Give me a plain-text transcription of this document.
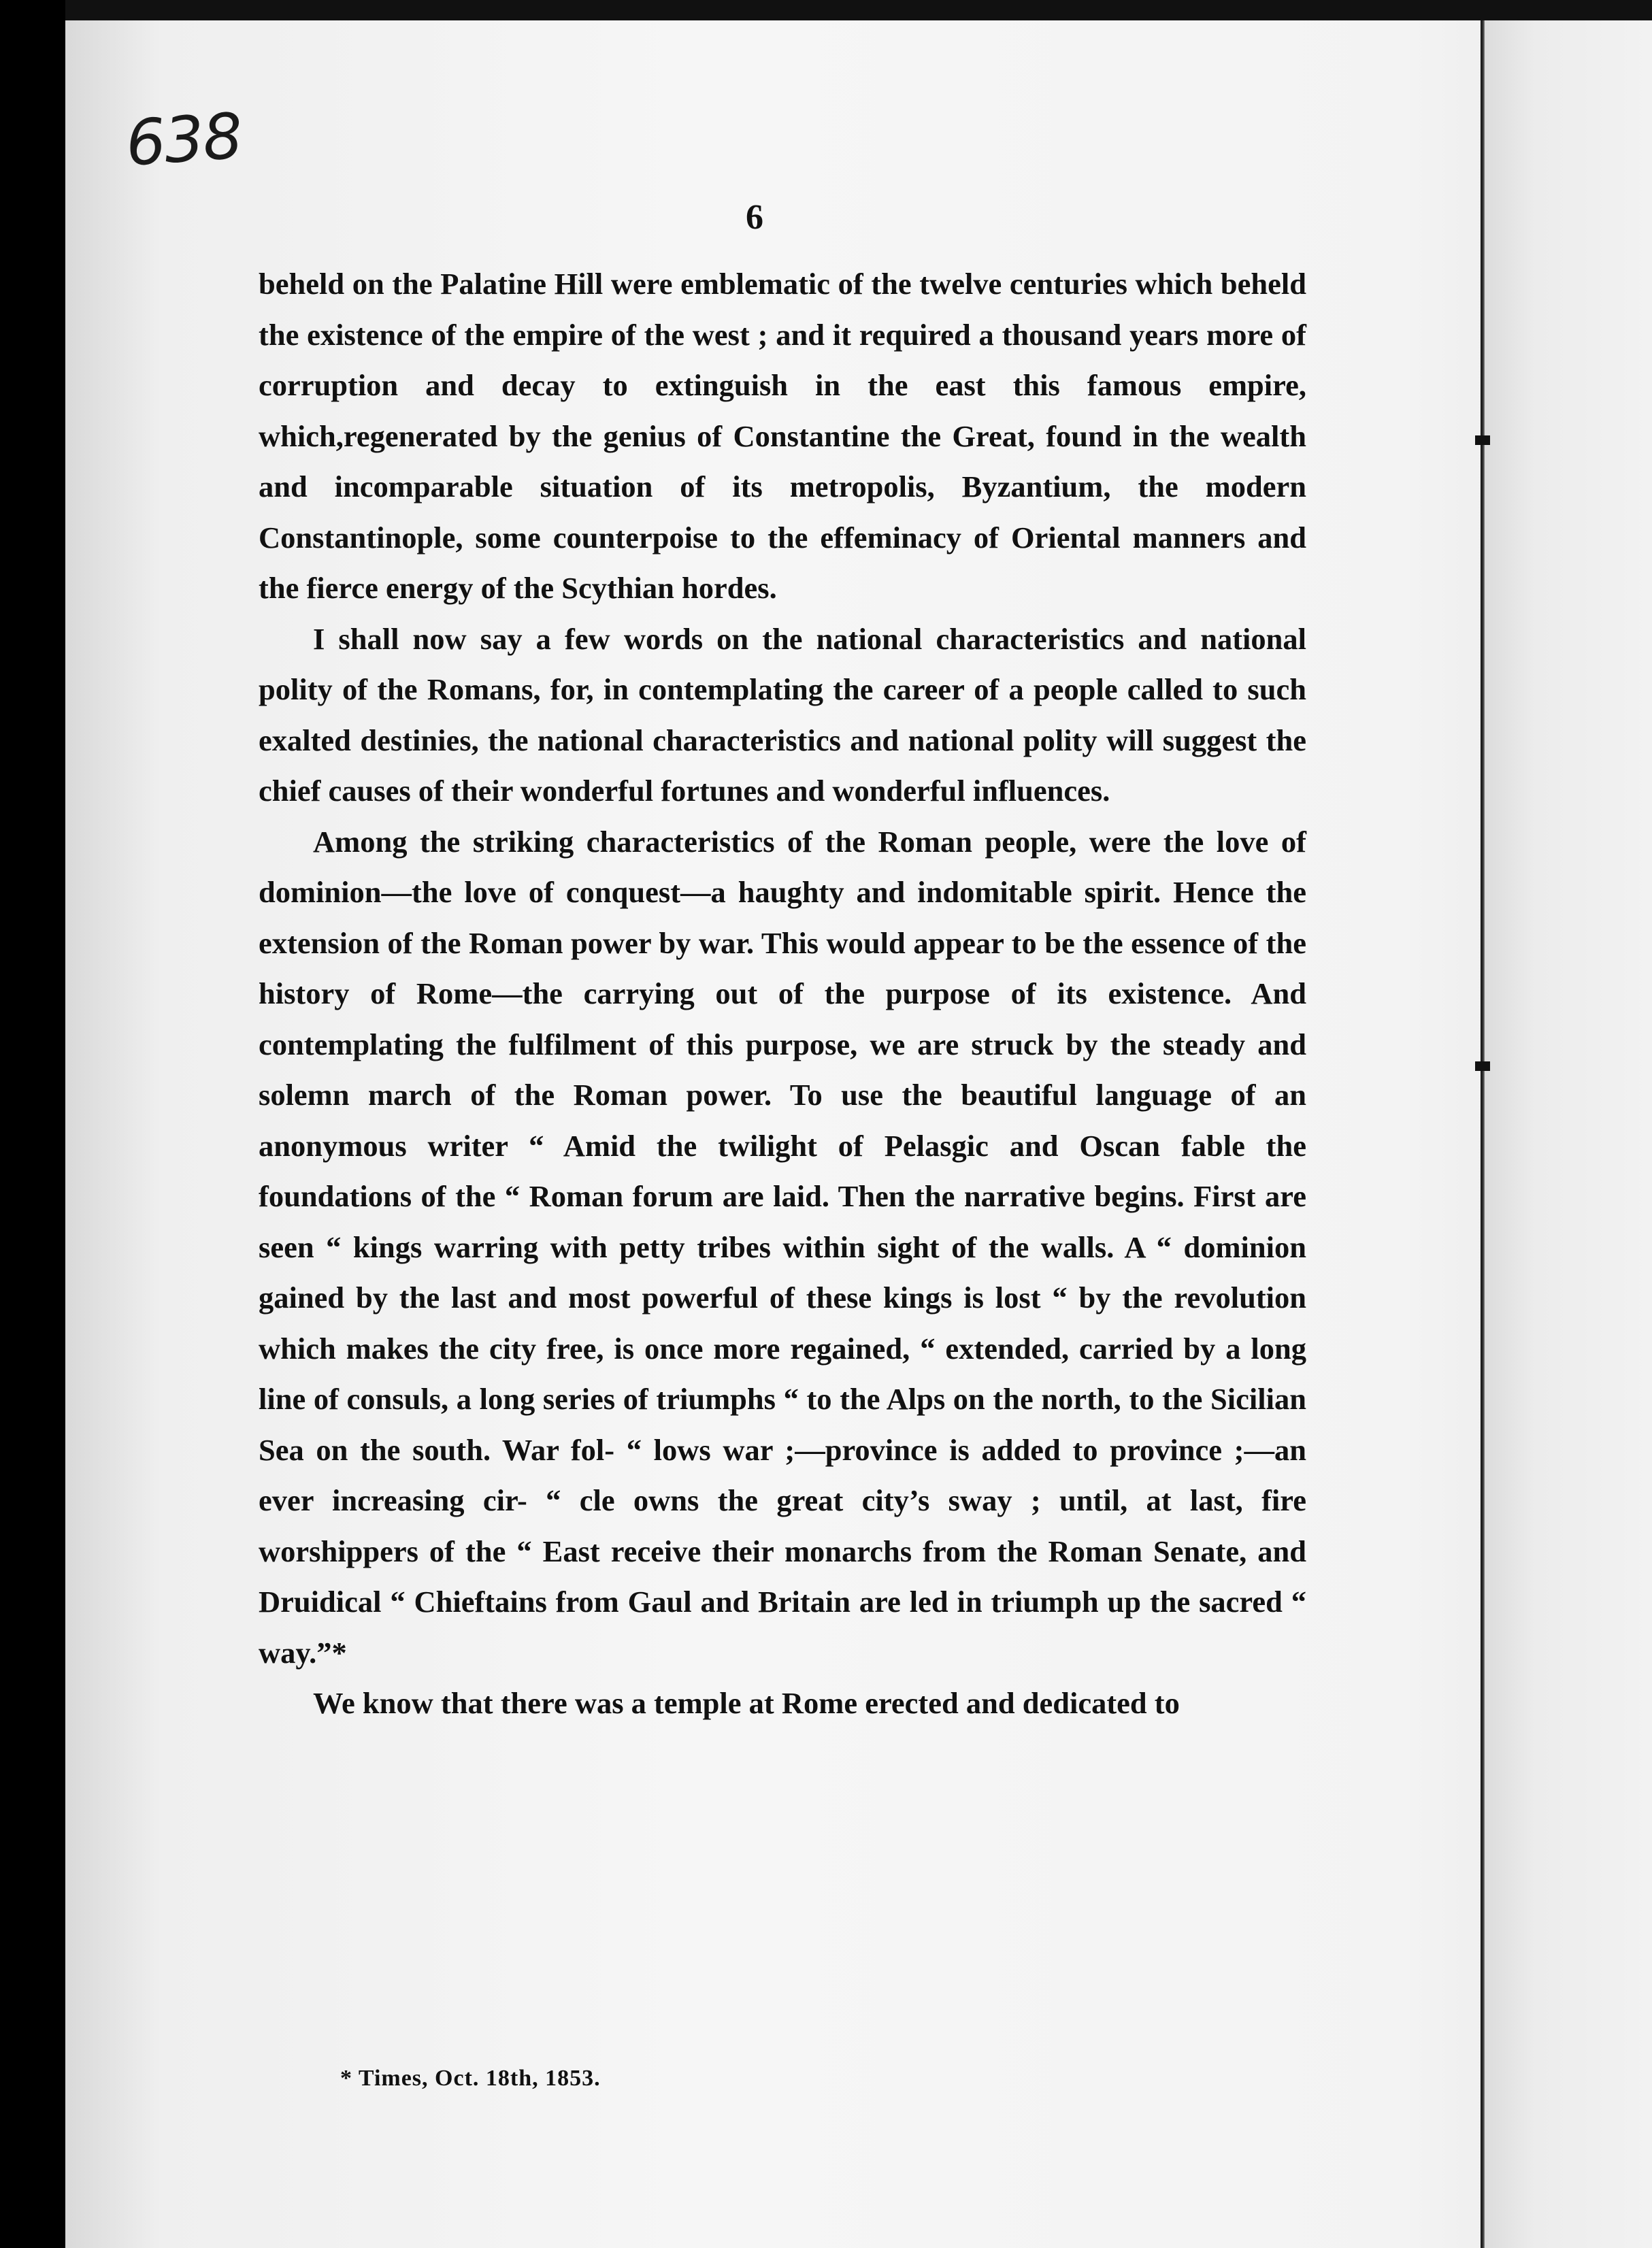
638
6

beheld on the Palatine Hill were emblematic of the twelve centuries which beheld the existence of the empire of the west ; and it required a thousand years more of corruption and decay to extinguish in the east this famous empire, which,regenerated by the genius of Constantine the Great, found in the wealth and incomparable situation of its metropolis, Byzantium, the modern Constantinople, some counterpoise to the effeminacy of Oriental manners and the fierce energy of the Scythian hordes.

I shall now say a few words on the national characteristics and national polity of the Romans, for, in contemplating the career of a people called to such exalted destinies, the national characteristics and national polity will suggest the chief causes of their wonderful fortunes and wonderful influences.

Among the striking characteristics of the Roman people, were the love of dominion—the love of conquest—a haughty and indomitable spirit. Hence the extension of the Roman power by war. This would appear to be the essence of the history of Rome—the carrying out of the purpose of its existence. And contemplating the fulfilment of this purpose, we are struck by the steady and solemn march of the Roman power. To use the beautiful language of an anonymous writer “ Amid the twilight of Pelasgic and Oscan fable the foundations of the “ Roman forum are laid. Then the narrative begins. First are seen “ kings warring with petty tribes within sight of the walls. A “ dominion gained by the last and most powerful of these kings is lost “ by the revolution which makes the city free, is once more regained, “ extended, carried by a long line of consuls, a long series of triumphs “ to the Alps on the north, to the Sicilian Sea on the south. War fol- “ lows war ;—province is added to province ;—an ever increasing cir- “ cle owns the great city’s sway ; until, at last, fire worshippers of the “ East receive their monarchs from the Roman Senate, and Druidical “ Chieftains from Gaul and Britain are led in triumph up the sacred “ way.”*

We know that there was a temple at Rome erected and dedicated to

* Times, Oct. 18th, 1853.
